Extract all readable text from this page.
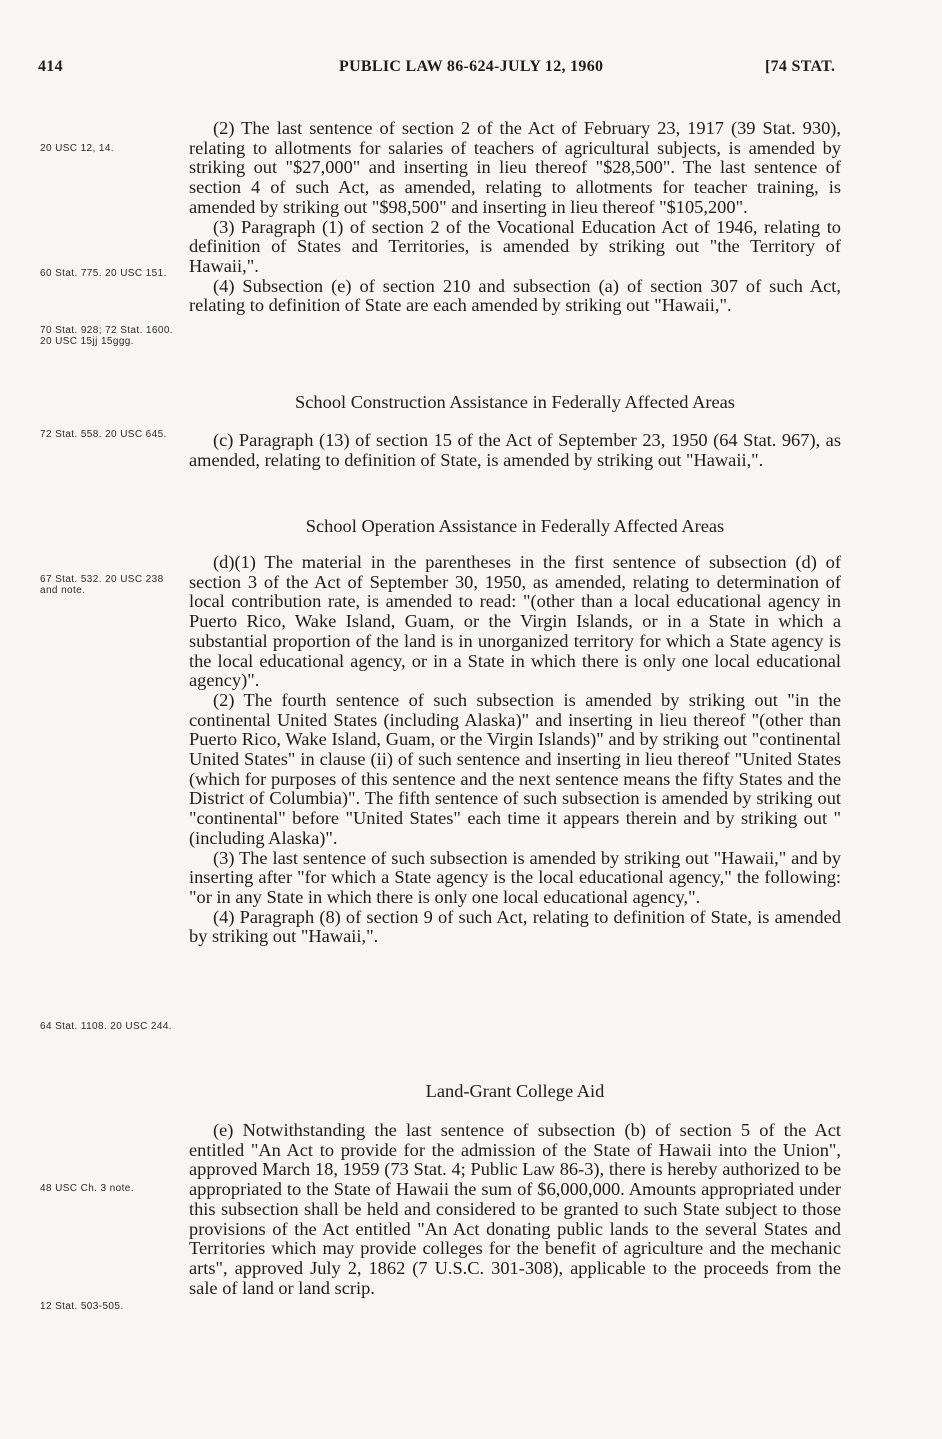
414	PUBLIC LAW 86-624-JULY 12, 1960	[74 STAT.
20 USC 12, 14.
60 Stat. 775. 20 USC 151.
70 Stat. 928; 72 Stat. 1600. 20 USC 15jj 15ggg.
72 Stat. 558. 20 USC 645.
67 Stat. 532. 20 USC 238 and note.
64 Stat. 1108. 20 USC 244.
48 USC Ch. 3 note.
12 Stat. 503-505.

(2) The last sentence of section 2 of the Act of February 23, 1917 (39 Stat. 930), relating to allotments for salaries of teachers of agricultural subjects, is amended by striking out "$27,000" and inserting in lieu thereof "$28,500". The last sentence of section 4 of such Act, as amended, relating to allotments for teacher training, is amended by striking out "$98,500" and inserting in lieu thereof "$105,200".

(3) Paragraph (1) of section 2 of the Vocational Education Act of 1946, relating to definition of States and Territories, is amended by striking out "the Territory of Hawaii,".

(4) Subsection (e) of section 210 and subsection (a) of section 307 of such Act, relating to definition of State are each amended by striking out "Hawaii,".

School Construction Assistance in Federally Affected Areas

(c) Paragraph (13) of section 15 of the Act of September 23, 1950 (64 Stat. 967), as amended, relating to definition of State, is amended by striking out "Hawaii,".

School Operation Assistance in Federally Affected Areas

(d)(1) The material in the parentheses in the first sentence of subsection (d) of section 3 of the Act of September 30, 1950, as amended, relating to determination of local contribution rate, is amended to read: "(other than a local educational agency in Puerto Rico, Wake Island, Guam, or the Virgin Islands, or in a State in which a substantial proportion of the land is in unorganized territory for which a State agency is the local educational agency, or in a State in which there is only one local educational agency)".

(2) The fourth sentence of such subsection is amended by striking out "in the continental United States (including Alaska)" and inserting in lieu thereof "(other than Puerto Rico, Wake Island, Guam, or the Virgin Islands)" and by striking out "continental United States" in clause (ii) of such sentence and inserting in lieu thereof "United States (which for purposes of this sentence and the next sentence means the fifty States and the District of Columbia)". The fifth sentence of such subsection is amended by striking out "continental" before "United States" each time it appears therein and by striking out "(including Alaska)".

(3) The last sentence of such subsection is amended by striking out "Hawaii," and by inserting after "for which a State agency is the local educational agency," the following: "or in any State in which there is only one local educational agency,".

(4) Paragraph (8) of section 9 of such Act, relating to definition of State, is amended by striking out "Hawaii,".

Land-Grant College Aid

(e) Notwithstanding the last sentence of subsection (b) of section 5 of the Act entitled "An Act to provide for the admission of the State of Hawaii into the Union", approved March 18, 1959 (73 Stat. 4; Public Law 86-3), there is hereby authorized to be appropriated to the State of Hawaii the sum of $6,000,000. Amounts appropriated under this subsection shall be held and considered to be granted to such State subject to those provisions of the Act entitled "An Act donating public lands to the several States and Territories which may provide colleges for the benefit of agriculture and the mechanic arts", approved July 2, 1862 (7 U.S.C. 301-308), applicable to the proceeds from the sale of land or land scrip.
